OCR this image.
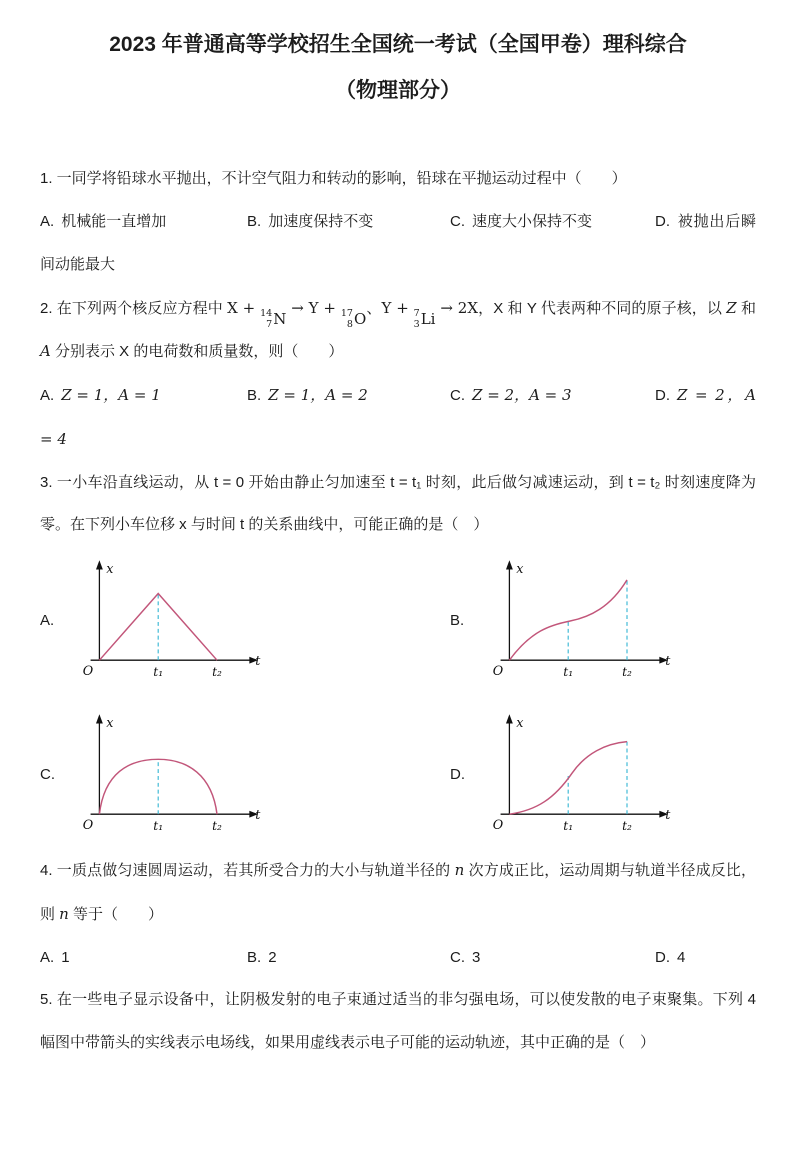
2023 年普通高等学校招生全国统一考试（全国甲卷）理科综合
（物理部分）

1. 一同学将铅球水平抛出，不计空气阻力和转动的影响，铅球在平抛运动过程中（　　）

A. 机械能一直增加	B. 加速度保持不变	C. 速度大小保持不变	D. 被抛出后瞬间动能最大

2. 在下列两个核反应方程中 X + 14
7 N
→ Y + 17
8 O
、Y + 7
3 Li
→ 2X，X 和 Y 代表两种不同的原子核，以 Z 和 A 分别表示 X 的电荷数和质量数，则（　　）

A. Z = 1，A = 1	B. Z = 1，A = 2	C. Z = 2，A = 3	D. Z = 2，A = 4

3. 一小车沿直线运动，从 t = 0 开始由静止匀加速至 t = t₁ 时刻，此后做匀减速运动，到 t = t₂ 时刻速度降为零。在下列小车位移 x 与时间 t 的关系曲线中，可能正确的是（　）

A.
x
t
O	t₁	t₂
B.
x
t
O	t₁	t₂
C.
x
t
O	t₁	t₂
D.
x
t
O	t₁	t₂

4. 一质点做匀速圆周运动，若其所受合力的大小与轨道半径的 n 次方成正比，运动周期与轨道半径成反比，则 n 等于（　　）

A. 1	B. 2	C. 3	D. 4

5. 在一些电子显示设备中，让阴极发射的电子束通过适当的非匀强电场，可以使发散的电子束聚集。下列 4 幅图中带箭头的实线表示电场线，如果用虚线表示电子可能的运动轨迹，其中正确的是（　）
